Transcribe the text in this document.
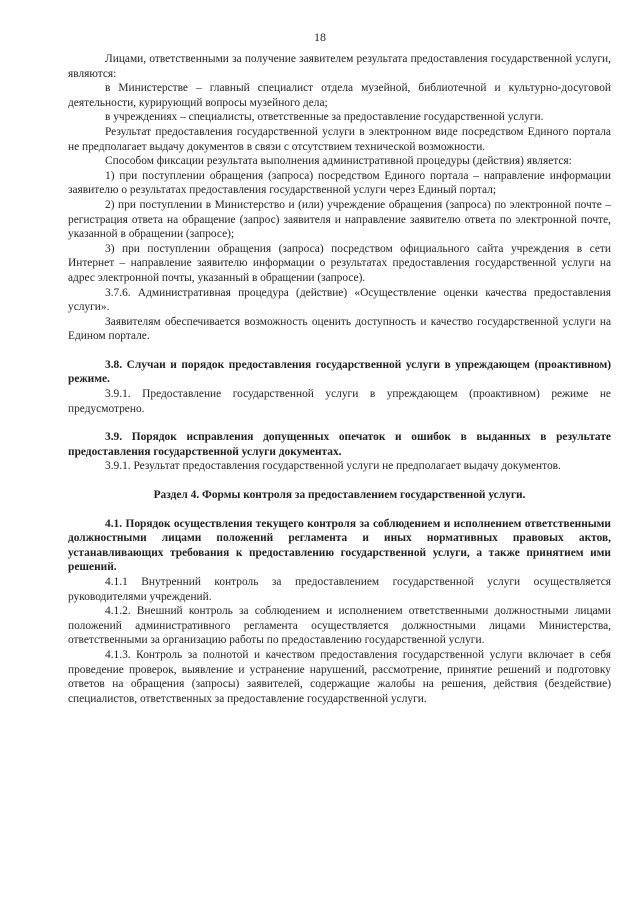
18

Лицами, ответственными за получение заявителем результата предоставления государственной услуги, являются:

в Министерстве – главный специалист отдела музейной, библиотечной и культурно-досуговой деятельности, курирующий вопросы музейного дела;

в учреждениях – специалисты, ответственные за предоставление государственной услуги.

Результат предоставления государственной услуги в электронном виде посредством Единого портала не предполагает выдачу документов в связи с отсутствием технической возможности.

Способом фиксации результата выполнения административной процедуры (действия) является:

1) при поступлении обращения (запроса) посредством Единого портала – направление информации заявителю о результатах предоставления государственной услуги через Единый портал;

2) при поступлении в Министерство и (или) учреждение обращения (запроса) по электронной почте – регистрация ответа на обращение (запрос) заявителя и направление заявителю ответа по электронной почте, указанной в обращении (запросе);

3) при поступлении обращения (запроса) посредством официального сайта учреждения в сети Интернет – направление заявителю информации о результатах предоставления государственной услуги на адрес электронной почты, указанный в обращении (запросе).

3.7.6. Административная процедура (действие) «Осуществление оценки качества предоставления услуги».

Заявителям обеспечивается возможность оценить доступность и качество государственной услуги на Едином портале.

3.8. Случаи и порядок предоставления государственной услуги в упреждающем (проактивном) режиме.

3.9.1. Предоставление государственной услуги в упреждающем (проактивном) режиме не предусмотрено.

3.9. Порядок исправления допущенных опечаток и ошибок в выданных в результате предоставления государственной услуги документах.

3.9.1. Результат предоставления государственной услуги не предполагает выдачу документов.

Раздел 4. Формы контроля за предоставлением государственной услуги.

4.1. Порядок осуществления текущего контроля за соблюдением и исполнением ответственными должностными лицами положений регламента и иных нормативных правовых актов, устанавливающих требования к предоставлению государственной услуги, а также принятием ими решений.

4.1.1 Внутренний контроль за предоставлением государственной услуги осуществляется руководителями учреждений.

4.1.2. Внешний контроль за соблюдением и исполнением ответственными должностными лицами положений административного регламента осуществляется должностными лицами Министерства, ответственными за организацию работы по предоставлению государственной услуги.

4.1.3. Контроль за полнотой и качеством предоставления государственной услуги включает в себя проведение проверок, выявление и устранение нарушений, рассмотрение, принятие решений и подготовку ответов на обращения (запросы) заявителей, содержащие жалобы на решения, действия (бездействие) специалистов, ответственных за предоставление государственной услуги.
